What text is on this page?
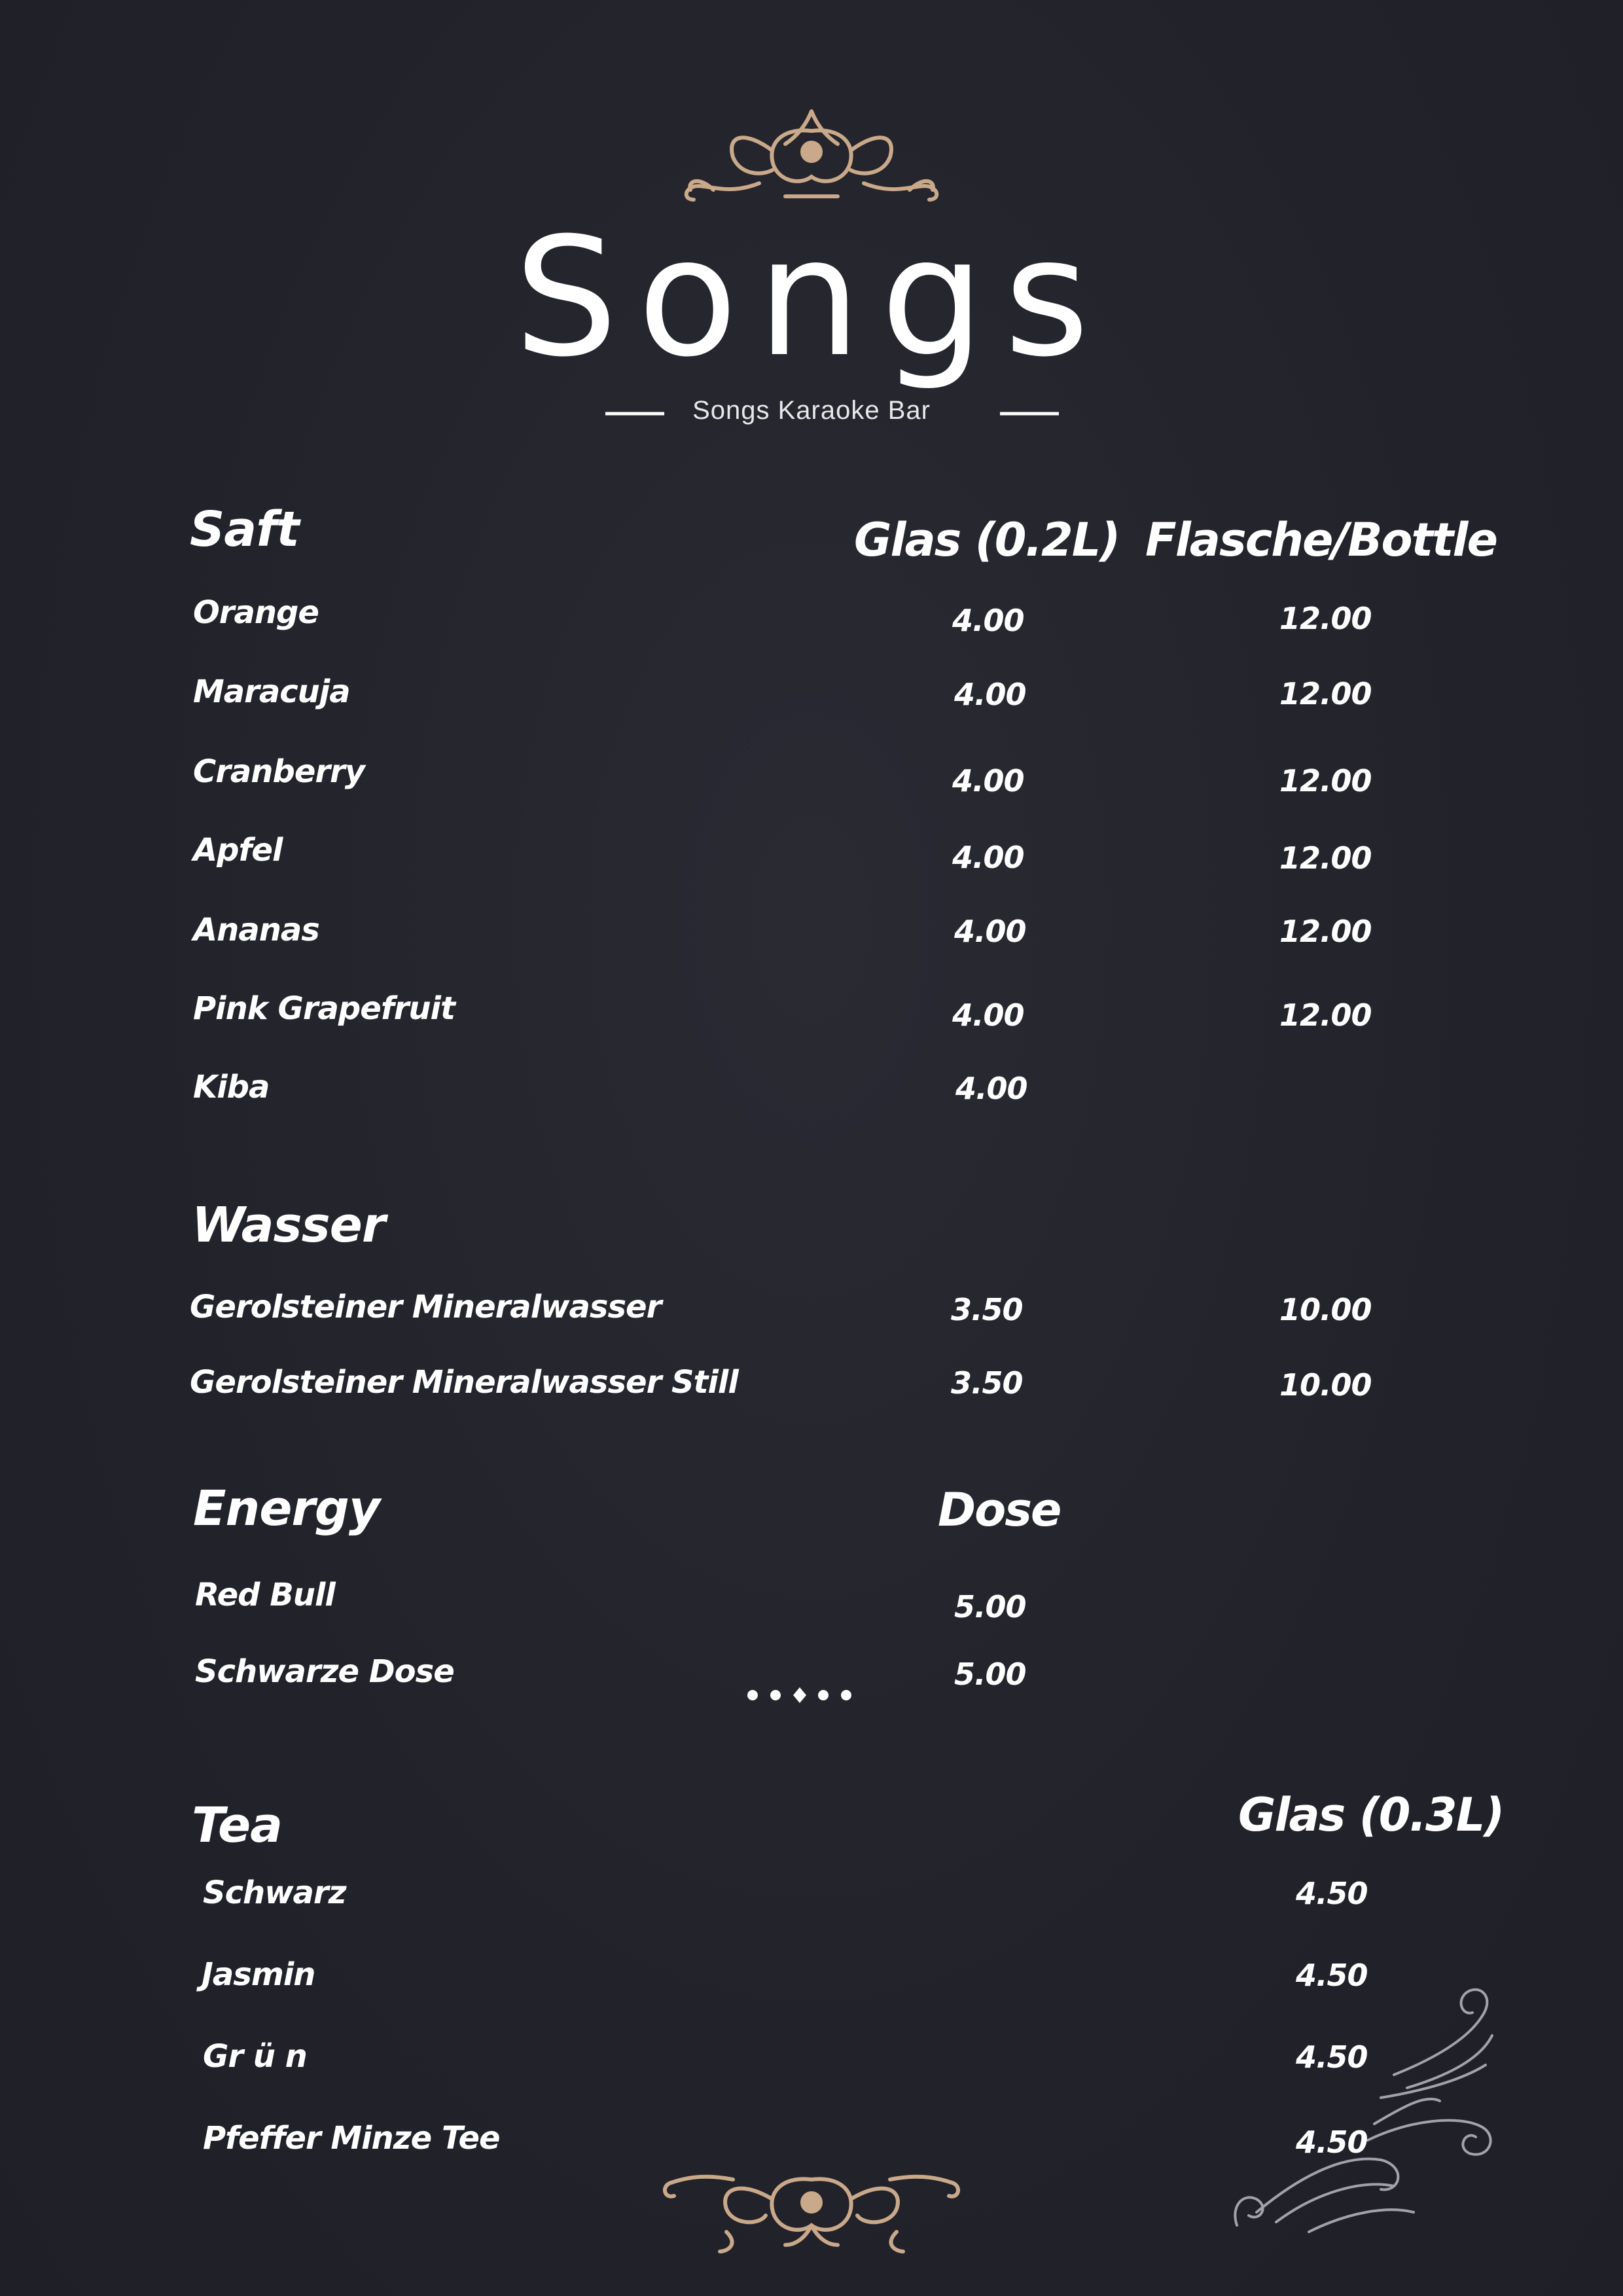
Songs
Songs Karaoke Bar
Saft	Glas (0.2L) Flasche/Bottle
Orange	4.00	12.00
Maracuja	4.00	12.00
Cranberry	4.00	12.00
Apfel	4.00	12.00
Ananas	4.00	12.00
Pink Grapefruit	4.00	12.00
Kiba	4.00
Wasser
Gerolsteiner Mineralwasser	3.50	10.00
Gerolsteiner Mineralwasser Still	3.50	10.00
Energy	Dose
Red Bull	5.00
Schwarze Dose	5.00
Tea	Glas (0.3L)
Schwarz	4.50
Jasmin	4.50
Gr ü n	4.50
Pfeffer Minze Tee	4.50
